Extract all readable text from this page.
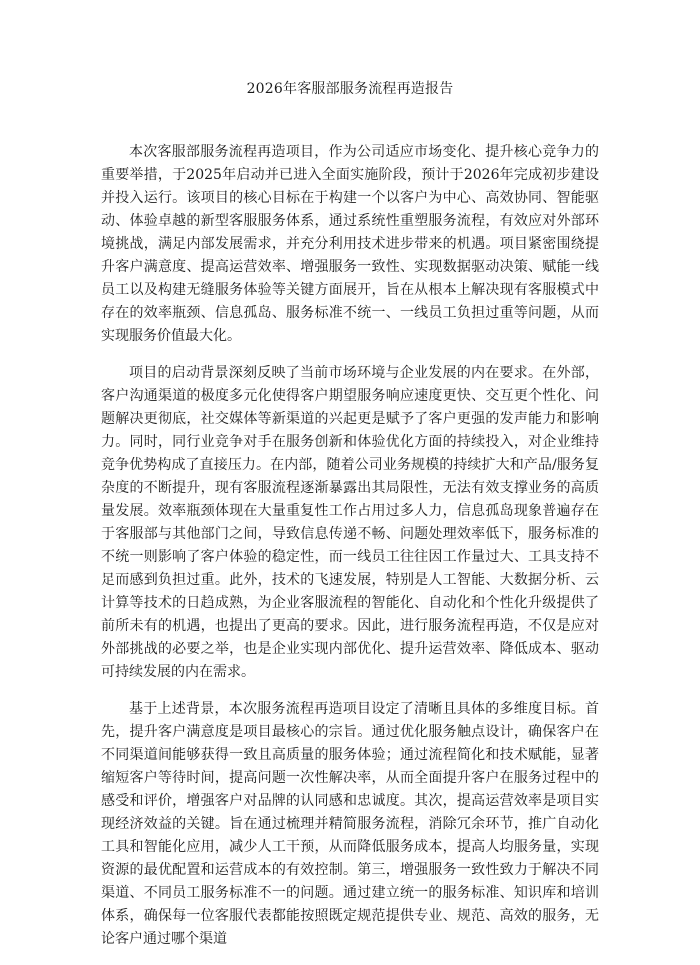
2026年客服部服务流程再造报告

本次客服部服务流程再造项目，作为公司适应市场变化、提升核心竞争力的重要举措，于2025年启动并已进入全面实施阶段，预计于2026年完成初步建设并投入运行。该项目的核心目标在于构建一个以客户为中心、高效协同、智能驱动、体验卓越的新型客服服务体系，通过系统性重塑服务流程，有效应对外部环境挑战，满足内部发展需求，并充分利用技术进步带来的机遇。项目紧密围绕提升客户满意度、提高运营效率、增强服务一致性、实现数据驱动决策、赋能一线员工以及构建无缝服务体验等关键方面展开，旨在从根本上解决现有客服模式中存在的效率瓶颈、信息孤岛、服务标准不统一、一线员工负担过重等问题，从而实现服务价值最大化。

项目的启动背景深刻反映了当前市场环境与企业发展的内在要求。在外部，客户沟通渠道的极度多元化使得客户期望服务响应速度更快、交互更个性化、问题解决更彻底，社交媒体等新渠道的兴起更是赋予了客户更强的发声能力和影响力。同时，同行业竞争对手在服务创新和体验优化方面的持续投入，对企业维持竞争优势构成了直接压力。在内部，随着公司业务规模的持续扩大和产品/服务复杂度的不断提升，现有客服流程逐渐暴露出其局限性，无法有效支撑业务的高质量发展。效率瓶颈体现在大量重复性工作占用过多人力，信息孤岛现象普遍存在于客服部与其他部门之间，导致信息传递不畅、问题处理效率低下，服务标准的不统一则影响了客户体验的稳定性，而一线员工往往因工作量过大、工具支持不足而感到负担过重。此外，技术的飞速发展，特别是人工智能、大数据分析、云计算等技术的日趋成熟，为企业客服流程的智能化、自动化和个性化升级提供了前所未有的机遇，也提出了更高的要求。因此，进行服务流程再造，不仅是应对外部挑战的必要之举，也是企业实现内部优化、提升运营效率、降低成本、驱动可持续发展的内在需求。

基于上述背景，本次服务流程再造项目设定了清晰且具体的多维度目标。首先，提升客户满意度是项目最核心的宗旨。通过优化服务触点设计，确保客户在不同渠道间能够获得一致且高质量的服务体验；通过流程简化和技术赋能，显著缩短客户等待时间，提高问题一次性解决率，从而全面提升客户在服务过程中的感受和评价，增强客户对品牌的认同感和忠诚度。其次，提高运营效率是项目实现经济效益的关键。旨在通过梳理并精简服务流程，消除冗余环节，推广自动化工具和智能化应用，减少人工干预，从而降低服务成本，提高人均服务量，实现资源的最优配置和运营成本的有效控制。第三，增强服务一致性致力于解决不同渠道、不同员工服务标准不一的问题。通过建立统一的服务标准、知识库和培训体系，确保每一位客服代表都能按照既定规范提供专业、规范、高效的服务，无论客户通过哪个渠道
